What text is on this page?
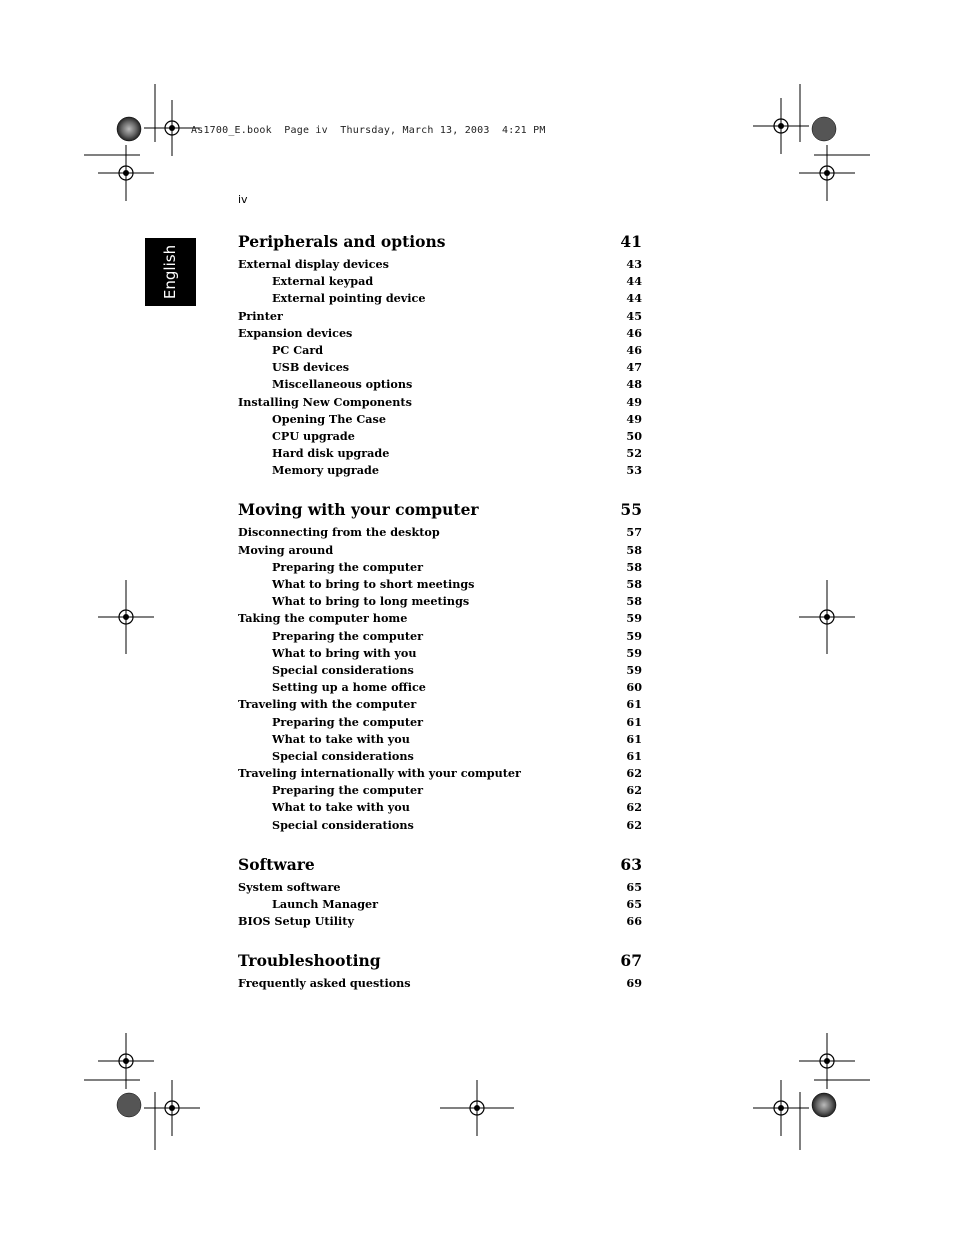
As1700_E.book  Page iv  Thursday, March 13, 2003  4:21 PM
iv
English
Peripherals and options	41
External display devices	43
External keypad	44
External pointing device	44
Printer	45
Expansion devices	46
PC Card	46
USB devices	47
Miscellaneous options	48
Installing New Components	49
Opening The Case	49
CPU upgrade	50
Hard disk upgrade	52
Memory upgrade	53
Moving with your computer	55
Disconnecting from the desktop	57
Moving around	58
Preparing the computer	58
What to bring to short meetings	58
What to bring to long meetings	58
Taking the computer home	59
Preparing the computer	59
What to bring with you	59
Special considerations	59
Setting up a home office	60
Traveling with the computer	61
Preparing the computer	61
What to take with you	61
Special considerations	61
Traveling internationally with your computer	62
Preparing the computer	62
What to take with you	62
Special considerations	62
Software	63
System software	65
Launch Manager	65
BIOS Setup Utility	66
Troubleshooting	67
Frequently asked questions	69
